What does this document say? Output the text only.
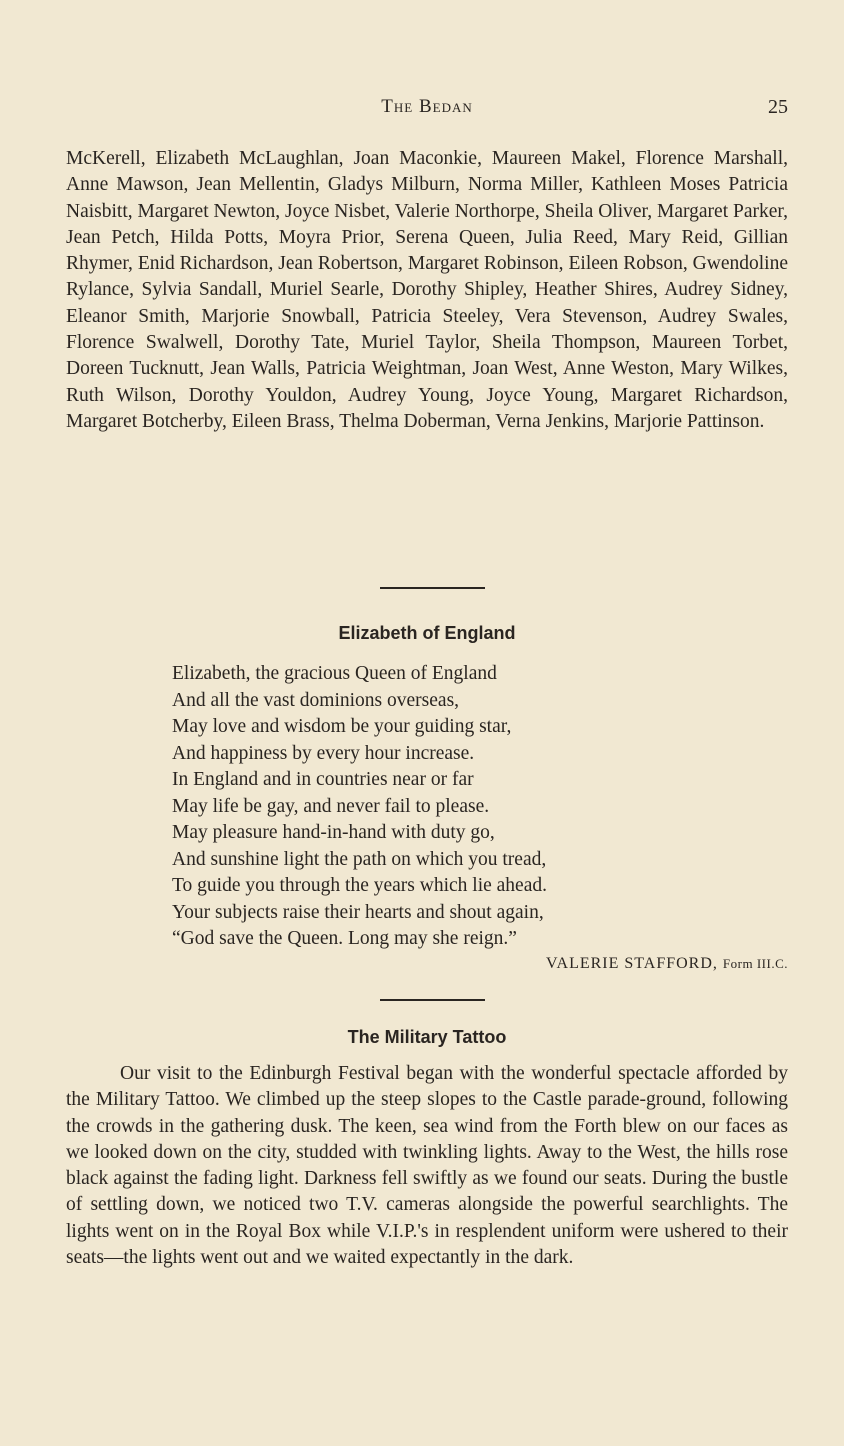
The Bedan	25

McKerell, Elizabeth McLaughlan, Joan Maconkie, Maureen Makel, Florence Marshall, Anne Mawson, Jean Mellentin, Gladys Milburn, Norma Miller, Kathleen Moses Patricia Naisbitt, Margaret Newton, Joyce Nisbet, Valerie Northorpe, Sheila Oliver, Margaret Parker, Jean Petch, Hilda Potts, Moyra Prior, Serena Queen, Julia Reed, Mary Reid, Gillian Rhymer, Enid Richardson, Jean Robertson, Margaret Robinson, Eileen Robson, Gwendoline Rylance, Sylvia Sandall, Muriel Searle, Dorothy Shipley, Heather Shires, Audrey Sidney, Eleanor Smith, Marjorie Snowball, Patricia Steeley, Vera Stevenson, Audrey Swales, Florence Swalwell, Dorothy Tate, Muriel Taylor, Sheila Thompson, Maureen Torbet, Doreen Tucknutt, Jean Walls, Patricia Weightman, Joan West, Anne Weston, Mary Wilkes, Ruth Wilson, Dorothy Youldon, Audrey Young, Joyce Young, Margaret Richardson, Margaret Botcherby, Eileen Brass, Thelma Doberman, Verna Jenkins, Marjorie Pattinson.

Elizabeth of England
Elizabeth, the gracious Queen of England
And all the vast dominions overseas,
May love and wisdom be your guiding star,
And happiness by every hour increase.
In England and in countries near or far
May life be gay, and never fail to please.
May pleasure hand-in-hand with duty go,
And sunshine light the path on which you tread,
To guide you through the years which lie ahead.
Your subjects raise their hearts and shout again,
“God save the Queen. Long may she reign.”
VALERIE STAFFORD, Form III.C.
The Military Tattoo

Our visit to the Edinburgh Festival began with the wonderful spectacle afforded by the Military Tattoo. We climbed up the steep slopes to the Castle parade-ground, following the crowds in the gathering dusk. The keen, sea wind from the Forth blew on our faces as we looked down on the city, studded with twinkling lights. Away to the West, the hills rose black against the fading light. Darkness fell swiftly as we found our seats. During the bustle of settling down, we noticed two T.V. cameras alongside the powerful searchlights. The lights went on in the Royal Box while V.I.P.'s in resplendent uniform were ushered to their seats—the lights went out and we waited expectantly in the dark.
